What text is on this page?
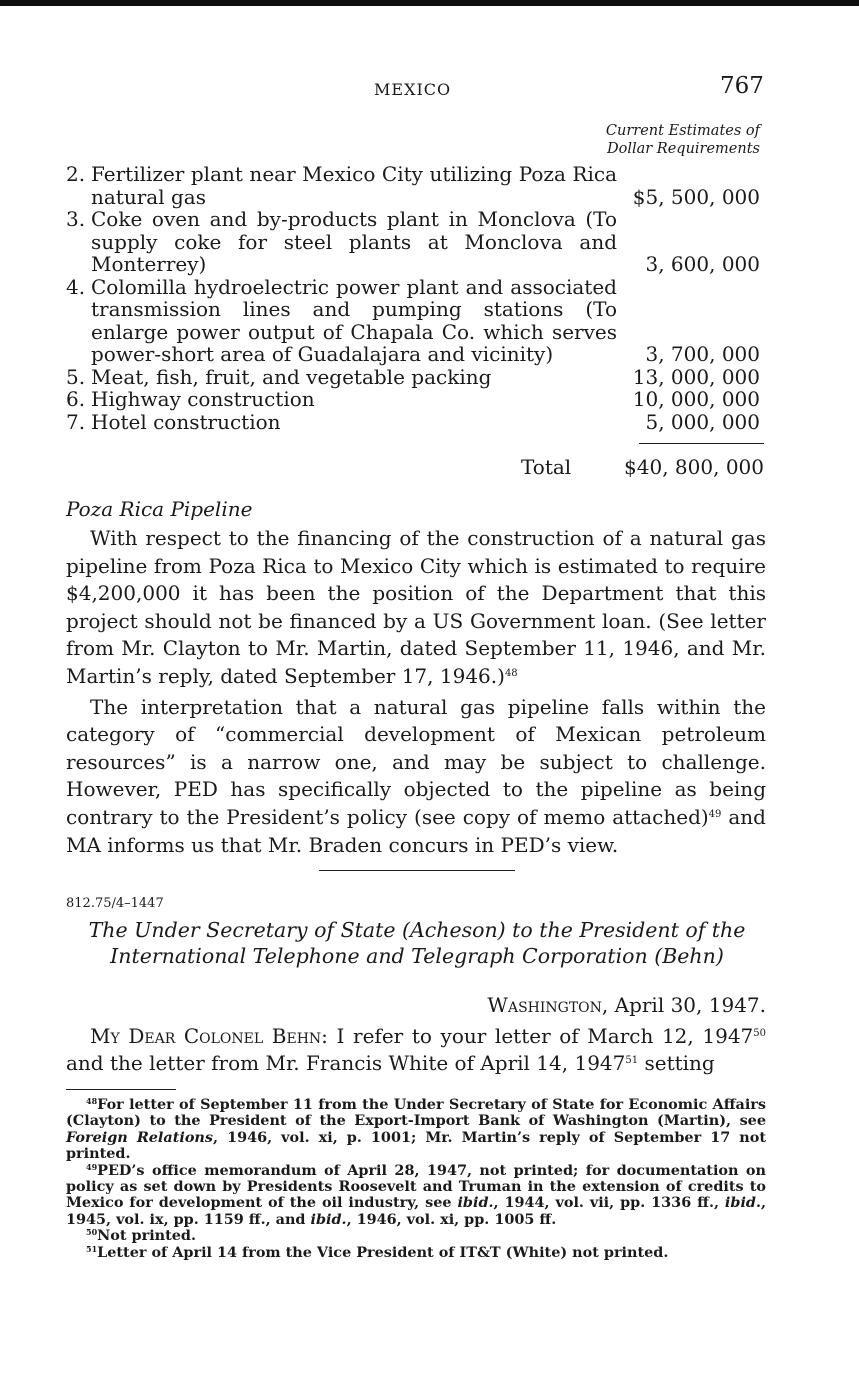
MEXICO	767
Current Estimates of
Dollar Requirements
2. Fertilizer plant near Mexico City utilizing Poza Rica natural gas	$5, 500, 000
3. Coke oven and by-products plant in Monclova (To supply coke for steel plants at Monclova and Monterrey)	3, 600, 000
4. Colomilla hydroelectric power plant and associated transmission lines and pumping stations (To enlarge power output of Chapala Co. which serves power-short area of Guadalajara and vicinity)	3, 700, 000
5. Meat, fish, fruit, and vegetable packing	13, 000, 000
6. Highway construction	10, 000, 000
7. Hotel construction	5, 000, 000
Total	$40, 800, 000
Poza Rica Pipeline

With respect to the financing of the construction of a natural gas pipeline from Poza Rica to Mexico City which is estimated to require $4,200,000 it has been the position of the Department that this project should not be financed by a US Government loan. (See letter from Mr. Clayton to Mr. Martin, dated September 11, 1946, and Mr. Martin’s reply, dated September 17, 1946.)$^{48}$

The interpretation that a natural gas pipeline falls within the category of “commercial development of Mexican petroleum resources” is a narrow one, and may be subject to challenge. However, PED has specifically objected to the pipeline as being contrary to the President’s policy (see copy of memo attached)$^{49}$ and MA informs us that Mr. Braden concurs in PED’s view.

812.75/4–1447
The Under Secretary of State (Acheson) to the President of the
International Telephone and Telegraph Corporation (Behn)
Washington, April 30, 1947.
My Dear Colonel Behn: I refer to your letter of March 12, 1947$^{50}$ and the letter from Mr. Francis White of April 14, 1947$^{51}$ setting

$^{48}$For letter of September 11 from the Under Secretary of State for Economic Affairs (Clayton) to the President of the Export-Import Bank of Washington (Martin), see Foreign Relations, 1946, vol. xi, p. 1001; Mr. Martin’s reply of September 17 not printed.

$^{49}$PED’s office memorandum of April 28, 1947, not printed; for documentation on policy as set down by Presidents Roosevelt and Truman in the extension of credits to Mexico for development of the oil industry, see ibid., 1944, vol. vii, pp. 1336 ff., ibid., 1945, vol. ix, pp. 1159 ff., and ibid., 1946, vol. xi, pp. 1005 ff.

$^{50}$Not printed.

$^{51}$Letter of April 14 from the Vice President of IT&T (White) not printed.
